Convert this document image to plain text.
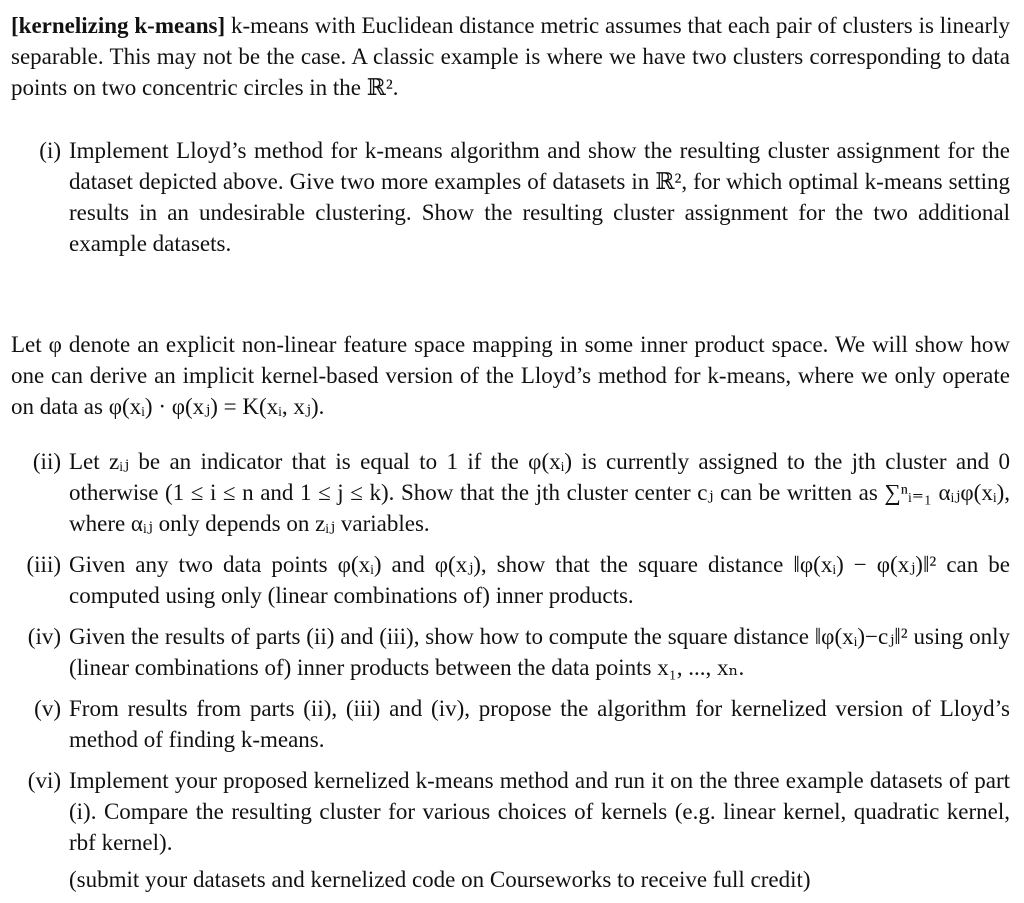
[kernelizing k-means] k-means with Euclidean distance metric assumes that each pair of clusters is linearly separable. This may not be the case. A classic example is where we have two clusters corresponding to data points on two concentric circles in the ℝ².

(i) Implement Lloyd’s method for k-means algorithm and show the resulting cluster assignment for the dataset depicted above. Give two more examples of datasets in ℝ², for which optimal k-means setting results in an undesirable clustering. Show the resulting cluster assignment for the two additional example datasets.

Let φ denote an explicit non-linear feature space mapping in some inner product space. We will show how one can derive an implicit kernel-based version of the Lloyd’s method for k-means, where we only operate on data as φ(xᵢ) · φ(xⱼ) = K(xᵢ, xⱼ).

(ii) Let zᵢⱼ be an indicator that is equal to 1 if the φ(xᵢ) is currently assigned to the jth cluster and 0 otherwise (1 ≤ i ≤ n and 1 ≤ j ≤ k). Show that the jth cluster center cⱼ can be written as ∑ⁿᵢ₌₁ αᵢⱼφ(xᵢ), where αᵢⱼ only depends on zᵢⱼ variables.
(iii) Given any two data points φ(xᵢ) and φ(xⱼ), show that the square distance ‖φ(xᵢ) − φ(xⱼ)‖² can be computed using only (linear combinations of) inner products.
(iv) Given the results of parts (ii) and (iii), show how to compute the square distance ‖φ(xᵢ)−cⱼ‖² using only (linear combinations of) inner products between the data points x₁, ..., xₙ.
(v) From results from parts (ii), (iii) and (iv), propose the algorithm for kernelized version of Lloyd’s method of finding k-means.
(vi) Implement your proposed kernelized k-means method and run it on the three example datasets of part (i). Compare the resulting cluster for various choices of kernels (e.g. linear kernel, quadratic kernel, rbf kernel).
(submit your datasets and kernelized code on Courseworks to receive full credit)
